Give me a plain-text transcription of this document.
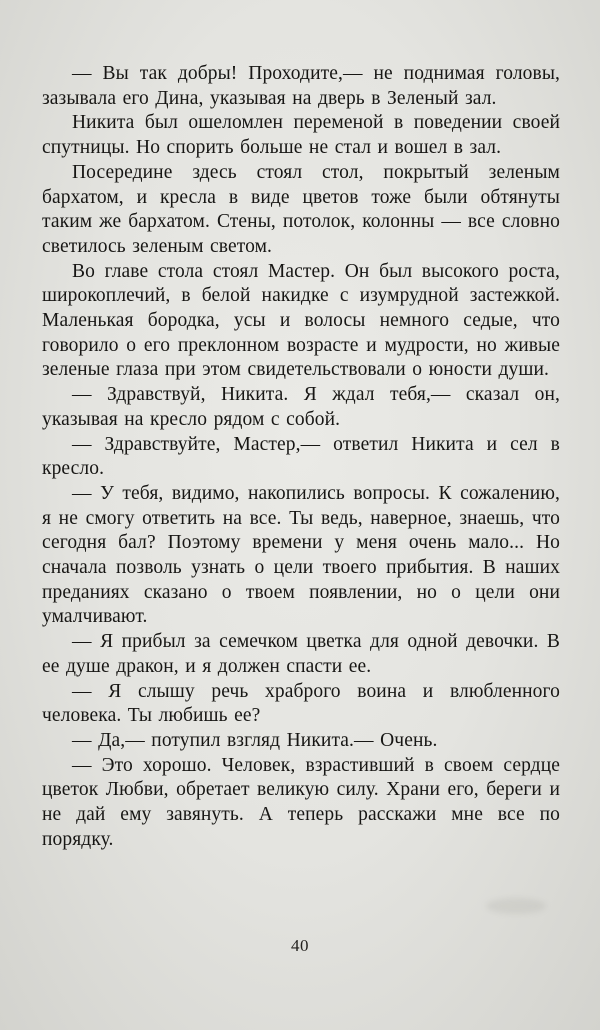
— Вы так добры! Проходите,— не поднимая головы, зазывала его Дина, указывая на дверь в Зеленый зал.

Никита был ошеломлен переменой в поведении своей спутницы. Но спорить больше не стал и вошел в зал.

Посередине здесь стоял стол, покрытый зеленым бархатом, и кресла в виде цветов тоже были обтянуты таким же бархатом. Стены, потолок, колонны — все словно светилось зеленым светом.

Во главе стола стоял Мастер. Он был высокого роста, широкоплечий, в белой накидке с изумрудной застежкой. Маленькая бородка, усы и волосы немного седые, что говорило о его преклонном возрасте и мудрости, но живые зеленые глаза при этом свидетельствовали о юности души.

— Здравствуй, Никита. Я ждал тебя,— сказал он, указывая на кресло рядом с собой.

— Здравствуйте, Мастер,— ответил Никита и сел в кресло.

— У тебя, видимо, накопились вопросы. К сожалению, я не смогу ответить на все. Ты ведь, наверное, знаешь, что сегодня бал? Поэтому времени у меня очень мало... Но сначала позволь узнать о цели твоего прибытия. В наших преданиях сказано о твоем появлении, но о цели они умалчивают.

— Я прибыл за семечком цветка для одной девочки. В ее душе дракон, и я должен спасти ее.

— Я слышу речь храброго воина и влюбленного человека. Ты любишь ее?

— Да,— потупил взгляд Никита.— Очень.

— Это хорошо. Человек, взрастивший в своем сердце цветок Любви, обретает великую силу. Храни его, береги и не дай ему завянуть. А теперь расскажи мне все по порядку.

40
